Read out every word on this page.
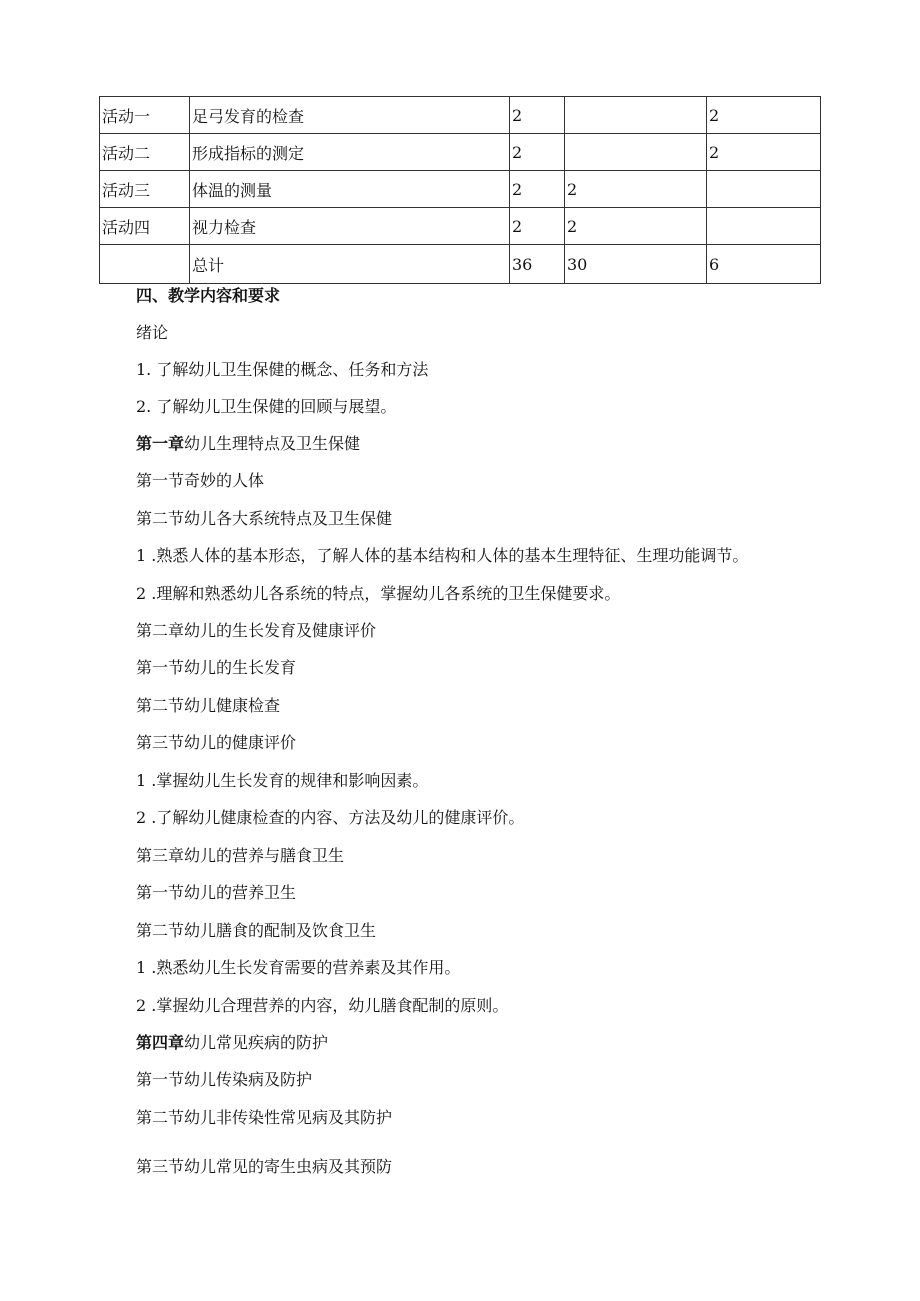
活动一	足弓发育的检查	2		2
活动二	形成指标的测定	2		2
活动三	体温的测量	2	2	
活动四	视力检查	2	2	
	总计	36	30	6
四、教学内容和要求
绪论
1. 了解幼儿卫生保健的概念、任务和方法
2. 了解幼儿卫生保健的回顾与展望。
第一章幼儿生理特点及卫生保健
第一节奇妙的人体
第二节幼儿各大系统特点及卫生保健
1 .熟悉人体的基本形态，了解人体的基本结构和人体的基本生理特征、生理功能调节。
2 .理解和熟悉幼儿各系统的特点，掌握幼儿各系统的卫生保健要求。
第二章幼儿的生长发育及健康评价
第一节幼儿的生长发育
第二节幼儿健康检查
第三节幼儿的健康评价
1 .掌握幼儿生长发育的规律和影响因素。
2 .了解幼儿健康检查的内容、方法及幼儿的健康评价。
第三章幼儿的营养与膳食卫生
第一节幼儿的营养卫生
第二节幼儿膳食的配制及饮食卫生
1 .熟悉幼儿生长发育需要的营养素及其作用。
2 .掌握幼儿合理营养的内容，幼儿膳食配制的原则。
第四章幼儿常见疾病的防护
第一节幼儿传染病及防护
第二节幼儿非传染性常见病及其防护
第三节幼儿常见的寄生虫病及其预防
